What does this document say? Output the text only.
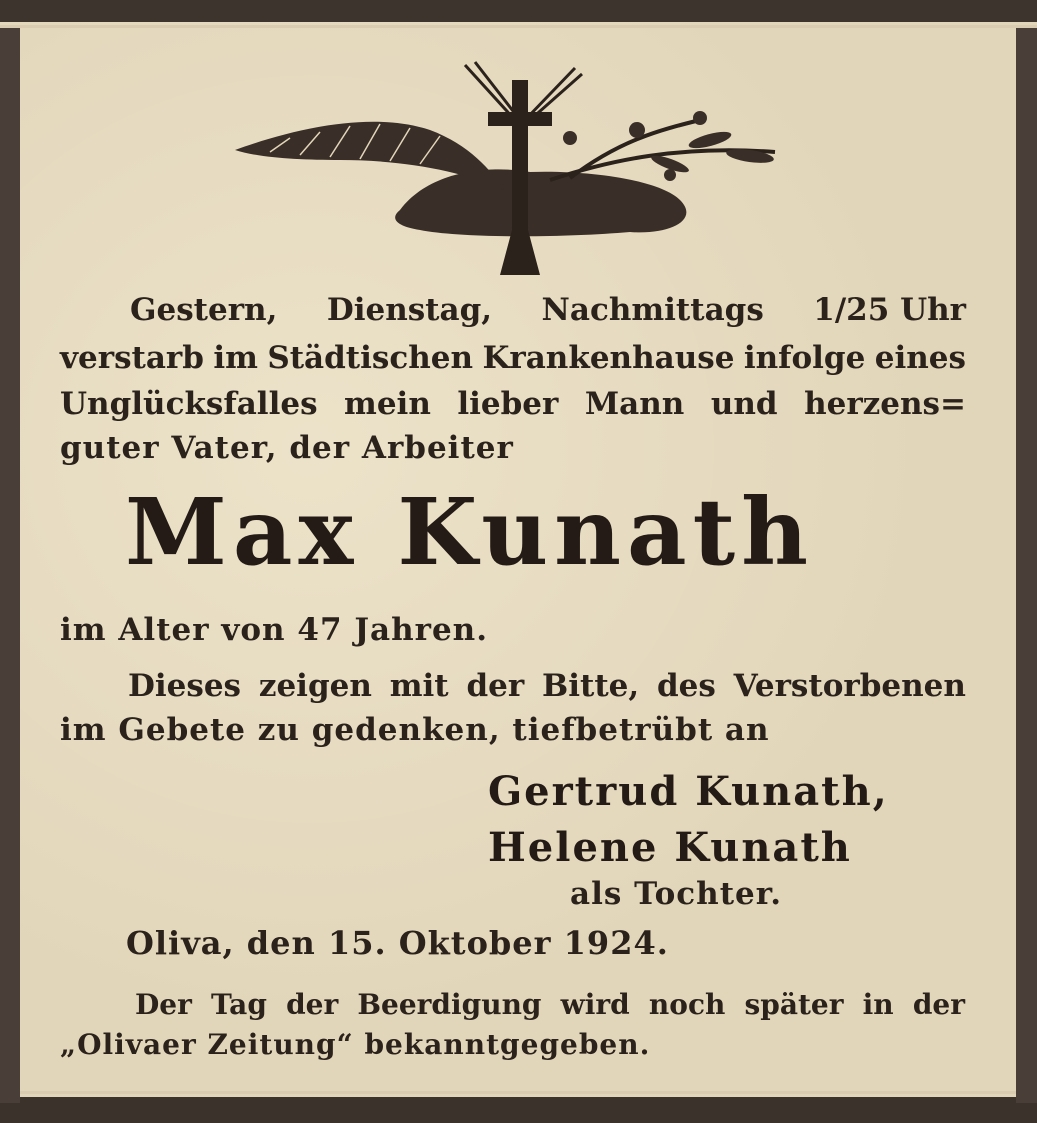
Gestern, Dienstag, Nachmittags 1/25 Uhr
verstarb im Städtischen Krankenhause infolge eines
Unglücksfalles mein lieber Mann und herzens=
guter Vater, der Arbeiter
Max Kunath
im Alter von 47 Jahren.
Dieses zeigen mit der Bitte, des Verstorbenen
im Gebete zu gedenken, tiefbetrübt an
Gertrud Kunath,
Helene Kunath
als Tochter.
Oliva, den 15. Oktober 1924.
Der Tag der Beerdigung wird noch später in der
„Olivaer Zeitung“ bekanntgegeben.
